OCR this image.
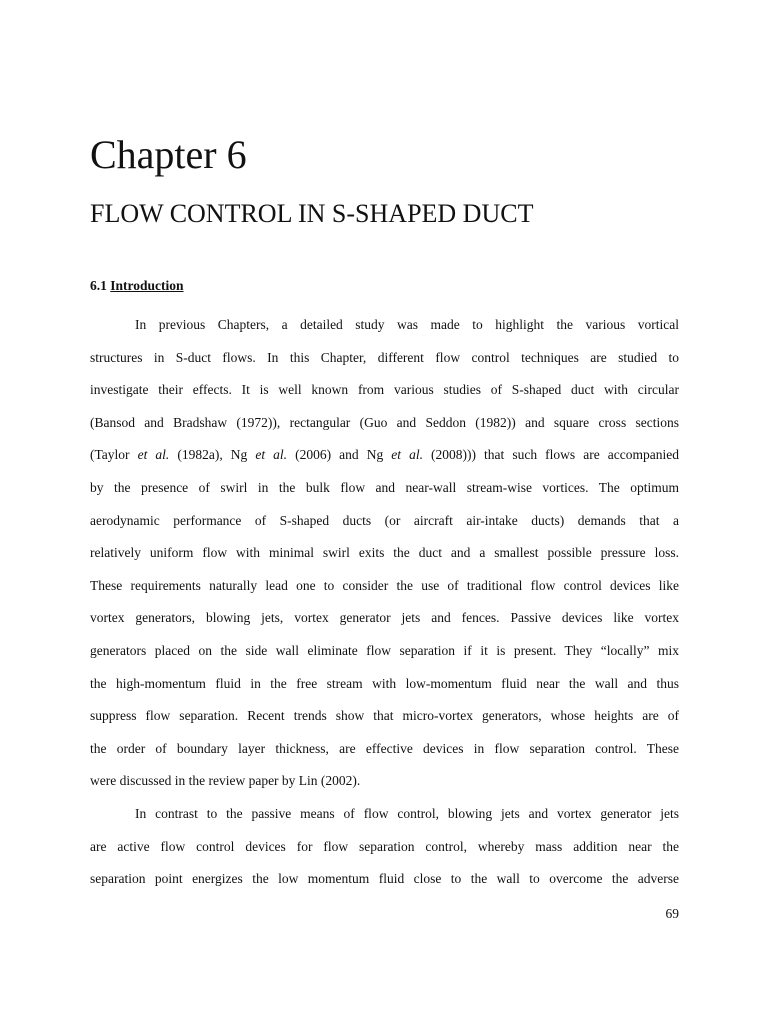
Chapter 6
FLOW CONTROL IN S-SHAPED DUCT
6.1 Introduction

In previous Chapters, a detailed study was made to highlight the various vortical
structures in S-duct flows. In this Chapter, different flow control techniques are studied to
investigate their effects. It is well known from various studies of S-shaped duct with circular
(Bansod and Bradshaw (1972)), rectangular (Guo and Seddon (1982)) and square cross sections
(Taylor et al. (1982a), Ng et al. (2006) and Ng et al. (2008))) that such flows are accompanied
by the presence of swirl in the bulk flow and near-wall stream-wise vortices. The optimum
aerodynamic performance of S-shaped ducts (or aircraft air-intake ducts) demands that a
relatively uniform flow with minimal swirl exits the duct and a smallest possible pressure loss.
These requirements naturally lead one to consider the use of traditional flow control devices like
vortex generators, blowing jets, vortex generator jets and fences. Passive devices like vortex
generators placed on the side wall eliminate flow separation if it is present. They “locally” mix
the high-momentum fluid in the free stream with low-momentum fluid near the wall and thus
suppress flow separation. Recent trends show that micro-vortex generators, whose heights are of
the order of boundary layer thickness, are effective devices in flow separation control. These
were discussed in the review paper by Lin (2002).

In contrast to the passive means of flow control, blowing jets and vortex generator jets
are active flow control devices for flow separation control, whereby mass addition near the
separation point energizes the low momentum fluid close to the wall to overcome the adverse

69
